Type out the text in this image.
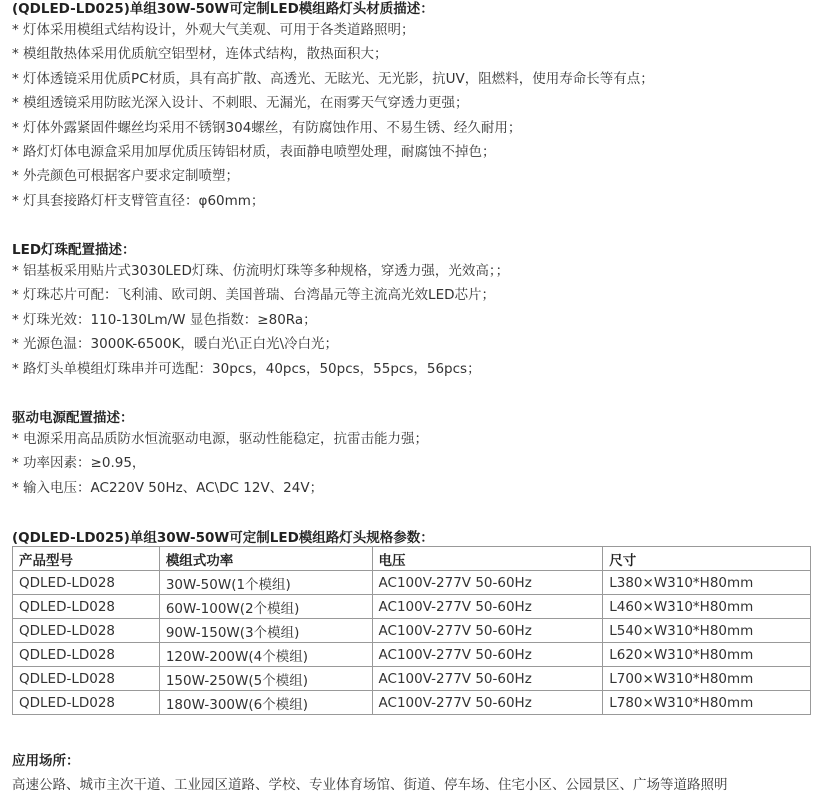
(QDLED-LD025)单组30W-50W可定制LED模组路灯头材质描述：
* 灯体采用模组式结构设计，外观大气美观、可用于各类道路照明；
* 模组散热体采用优质航空铝型材，连体式结构，散热面积大；
* 灯体透镜采用优质PC材质，具有高扩散、高透光、无眩光、无光影，抗UV，阻燃料，使用寿命长等有点；
* 模组透镜采用防眩光深入设计、不刺眼、无漏光，在雨雾天气穿透力更强；
* 灯体外露紧固件螺丝均采用不锈钢304螺丝，有防腐蚀作用、不易生锈、经久耐用；
* 路灯灯体电源盒采用加厚优质压铸铝材质，表面静电喷塑处理，耐腐蚀不掉色；
* 外壳颜色可根据客户要求定制喷塑；
* 灯具套接路灯杆支臂管直径：φ60mm；
LED灯珠配置描述：
* 铝基板采用贴片式3030LED灯珠、仿流明灯珠等多种规格，穿透力强，光效高；；
* 灯珠芯片可配：飞利浦、欧司朗、美国普瑞、台湾晶元等主流高光效LED芯片；
* 灯珠光效：110-130Lm/W 显色指数：≥80Ra；
* 光源色温：3000K-6500K，暖白光\正白光\冷白光；
* 路灯头单模组灯珠串并可选配：30pcs，40pcs，50pcs，55pcs，56pcs；
驱动电源配置描述：
* 电源采用高品质防水恒流驱动电源，驱动性能稳定，抗雷击能力强；
* 功率因素：≥0.95，
* 输入电压：AC220V 50Hz、AC\DC 12V、24V；
(QDLED-LD025)单组30W-50W可定制LED模组路灯头规格参数：
产品型号	模组式功率	电压	尺寸
QDLED-LD028	30W-50W(1个模组)	AC100V-277V 50-60Hz	L380×W310*H80mm
QDLED-LD028	60W-100W(2个模组)	AC100V-277V 50-60Hz	L460×W310*H80mm
QDLED-LD028	90W-150W(3个模组)	AC100V-277V 50-60Hz	L540×W310*H80mm
QDLED-LD028	120W-200W(4个模组)	AC100V-277V 50-60Hz	L620×W310*H80mm
QDLED-LD028	150W-250W(5个模组)	AC100V-277V 50-60Hz	L700×W310*H80mm
QDLED-LD028	180W-300W(6个模组)	AC100V-277V 50-60Hz	L780×W310*H80mm
应用场所：
高速公路、城市主次干道、工业园区道路、学校、专业体育场馆、街道、停车场、住宅小区、公园景区、广场等道路照明
